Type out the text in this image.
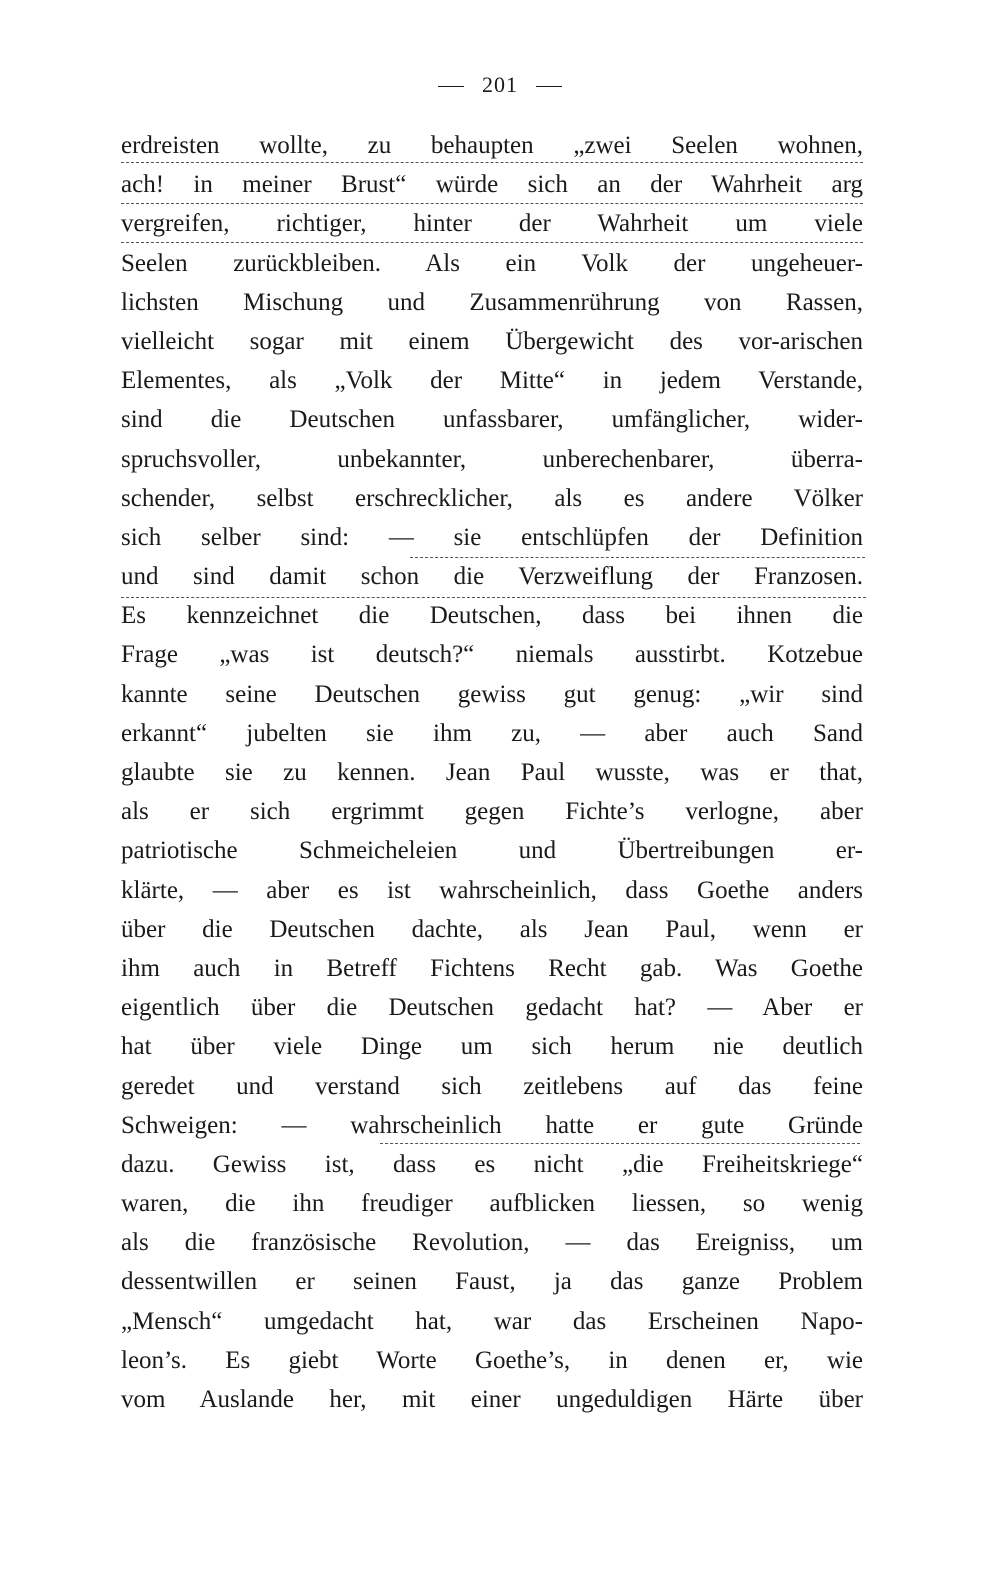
201
erdreisten wollte, zu behaupten „zwei Seelen wohnen,
ach! in meiner Brust“ würde sich an der Wahrheit arg
vergreifen, richtiger, hinter der Wahrheit um viele
Seelen zurückbleiben. Als ein Volk der ungeheuer-
lichsten Mischung und Zusammenrührung von Rassen,
vielleicht sogar mit einem Übergewicht des vor-arischen
Elementes, als „Volk der Mitte“ in jedem Verstande,
sind die Deutschen unfassbarer, umfänglicher, wider-
spruchsvoller, unbekannter, unberechenbarer, überra-
schender, selbst erschrecklicher, als es andere Völker
sich selber sind: — sie entschlüpfen der Definition
und sind damit schon die Verzweiflung der Franzosen.
Es kennzeichnet die Deutschen, dass bei ihnen die
Frage „was ist deutsch?“ niemals ausstirbt. Kotzebue
kannte seine Deutschen gewiss gut genug: „wir sind
erkannt“ jubelten sie ihm zu, — aber auch Sand
glaubte sie zu kennen. Jean Paul wusste, was er that,
als er sich ergrimmt gegen Fichte’s verlogne, aber
patriotische Schmeicheleien und Übertreibungen er-
klärte, — aber es ist wahrscheinlich, dass Goethe anders
über die Deutschen dachte, als Jean Paul, wenn er
ihm auch in Betreff Fichtens Recht gab. Was Goethe
eigentlich über die Deutschen gedacht hat? — Aber er
hat über viele Dinge um sich herum nie deutlich
geredet und verstand sich zeitlebens auf das feine
Schweigen: — wahrscheinlich hatte er gute Gründe
dazu. Gewiss ist, dass es nicht „die Freiheitskriege“
waren, die ihn freudiger aufblicken liessen, so wenig
als die französische Revolution, — das Ereigniss, um
dessentwillen er seinen Faust, ja das ganze Problem
„Mensch“ umgedacht hat, war das Erscheinen Napo-
leon’s. Es giebt Worte Goethe’s, in denen er, wie
vom Auslande her, mit einer ungeduldigen Härte über
